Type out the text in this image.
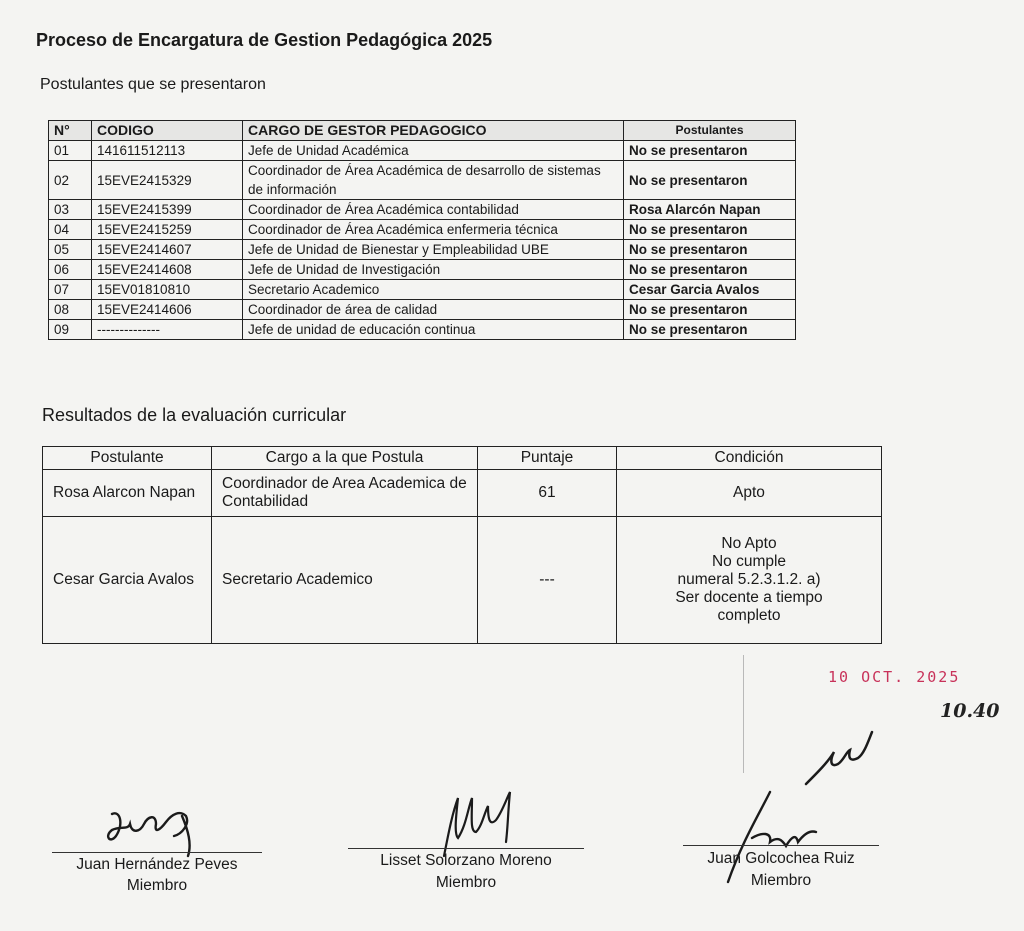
Proceso de Encargatura de Gestion Pedagógica 2025
Postulantes que se presentaron
N°	CODIGO	CARGO DE GESTOR PEDAGOGICO	Postulantes
01	141611512113	Jefe de Unidad Académica	No se presentaron
02	15EVE2415329	Coordinador de Área Académica de desarrollo de sistemas de información	No se presentaron
03	15EVE2415399	Coordinador de Área Académica contabilidad	Rosa Alarcón Napan
04	15EVE2415259	Coordinador de Área Académica enfermeria técnica	No se presentaron
05	15EVE2414607	Jefe de Unidad de Bienestar y Empleabilidad UBE	No se presentaron
06	15EVE2414608	Jefe de Unidad de Investigación	No se presentaron
07	15EV01810810	Secretario Academico	Cesar Garcia Avalos
08	15EVE2414606	Coordinador de área de calidad	No se presentaron
09	--------------	Jefe de unidad de educación continua	No se presentaron
Resultados de la evaluación curricular
Postulante	Cargo a la que Postula	Puntaje	Condición
Rosa Alarcon Napan	Coordinador de Area Academica de Contabilidad	61	Apto

Cesar Garcia Avalos	Secretario Academico	---	No Apto
No cumple
numeral 5.2.3.1.2. a)
Ser docente a tiempo
completo
10 OCT. 2025
10.40
Juan Hernández Peves
Miembro
Lisset Solorzano Moreno
Miembro
Juan Golcochea Ruiz
Miembro
